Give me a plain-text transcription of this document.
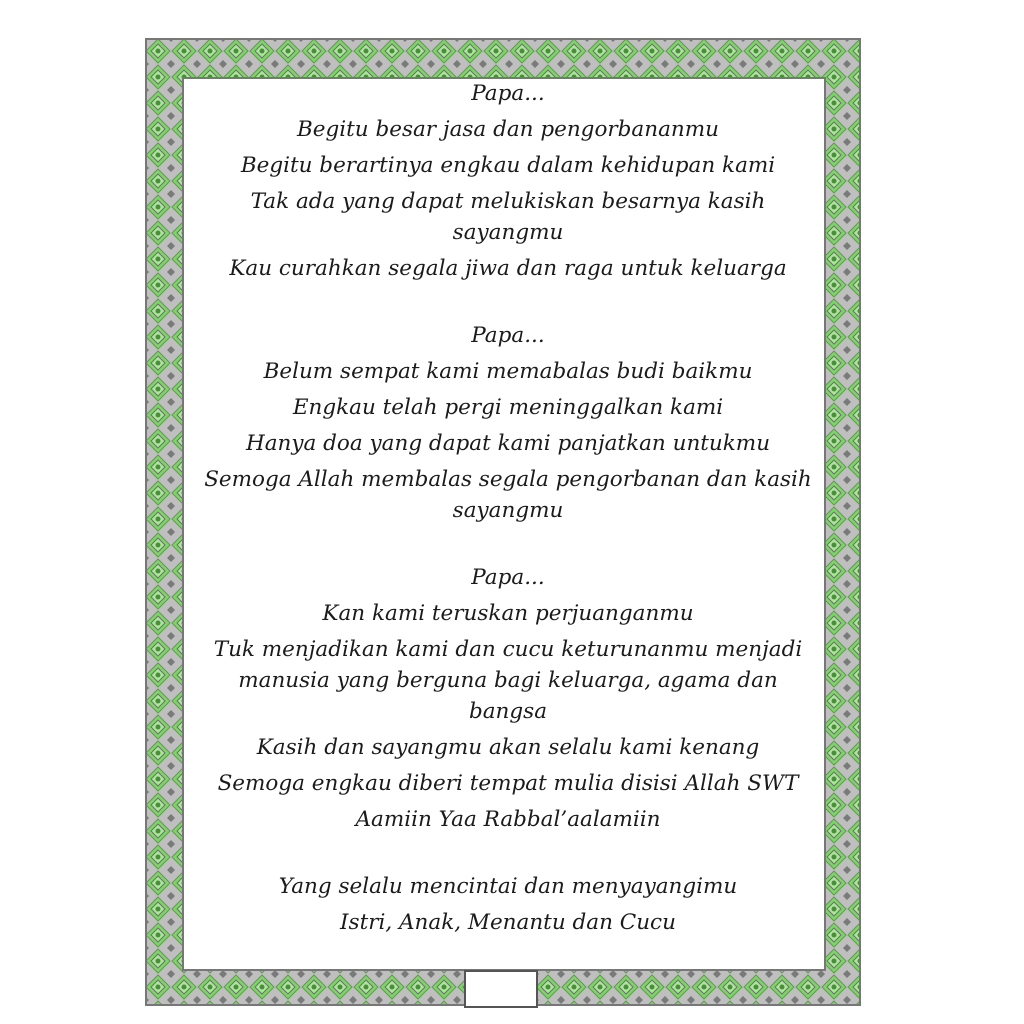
Papa...
Begitu besar jasa dan pengorbananmu
Begitu berartinya engkau dalam kehidupan kami
Tak ada yang dapat melukiskan besarnya kasih sayangmu
Kau curahkan segala jiwa dan raga untuk keluarga
Papa...
Belum sempat kami memabalas budi baikmu
Engkau telah pergi meninggalkan kami
Hanya doa yang dapat kami panjatkan untukmu
Semoga Allah membalas segala pengorbanan dan kasih sayangmu
Papa...
Kan kami teruskan perjuanganmu
Tuk menjadikan kami dan cucu keturunanmu menjadi manusia yang berguna bagi keluarga, agama dan bangsa
Kasih dan sayangmu akan selalu kami kenang
Semoga engkau diberi tempat mulia disisi Allah SWT
Aamiin Yaa Rabbal’aalamiin
Yang selalu mencintai dan menyayangimu
Istri, Anak, Menantu dan Cucu
